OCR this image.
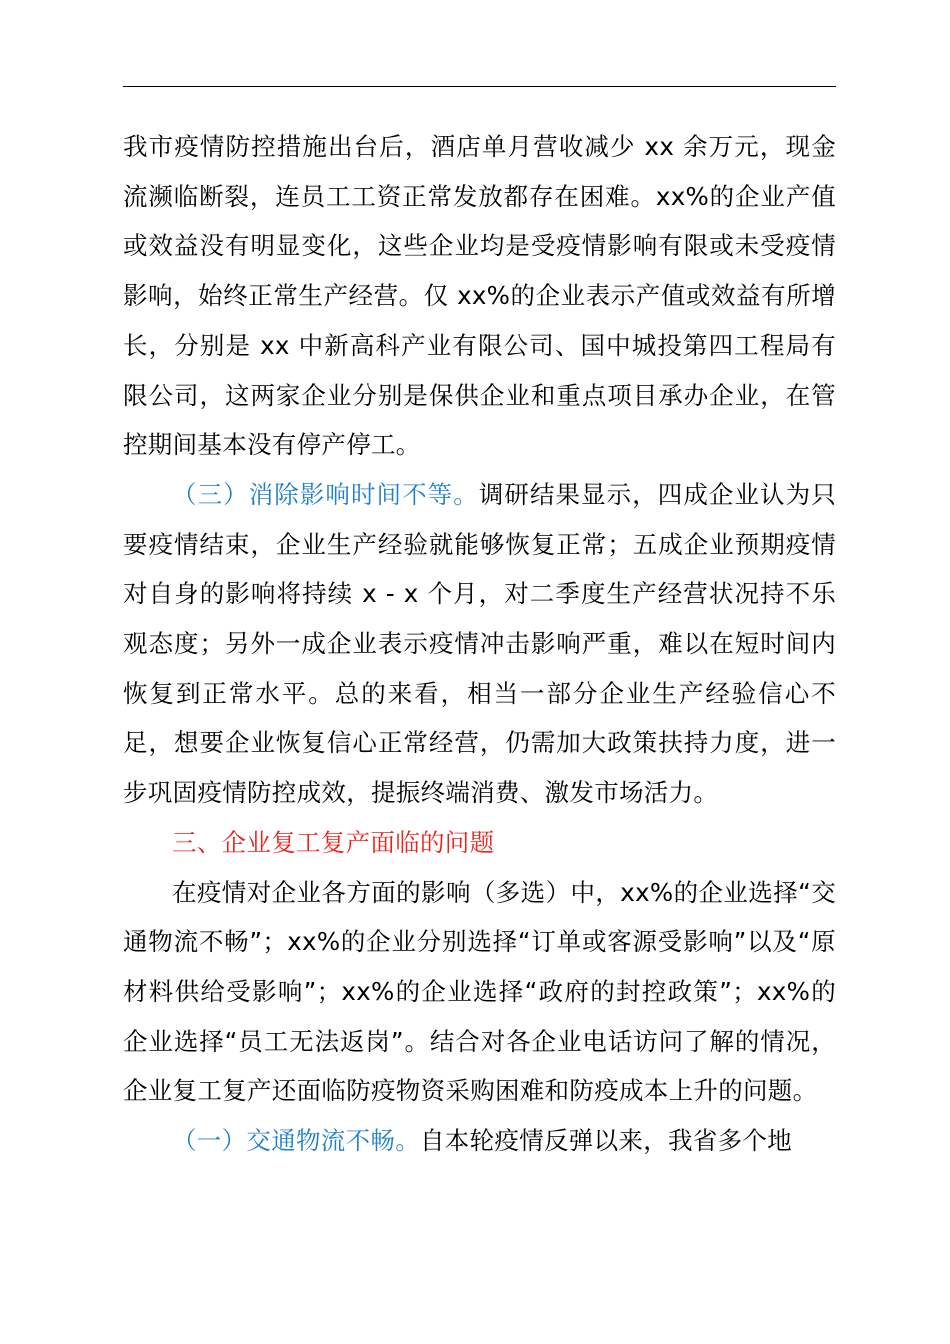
我市疫情防控措施出台后，酒店单月营收减少 xx 余万元，现金流濒临断裂，连员工工资正常发放都存在困难。xx%的企业产值或效益没有明显变化，这些企业均是受疫情影响有限或未受疫情影响，始终正常生产经营。仅 xx%的企业表示产值或效益有所增长，分别是 xx 中新高科产业有限公司、国中城投第四工程局有限公司，这两家企业分别是保供企业和重点项目承办企业，在管控期间基本没有停产停工。

（三）消除影响时间不等。调研结果显示，四成企业认为只要疫情结束，企业生产经验就能够恢复正常；五成企业预期疫情对自身的影响将持续 x - x 个月，对二季度生产经营状况持不乐观态度；另外一成企业表示疫情冲击影响严重，难以在短时间内恢复到正常水平。总的来看，相当一部分企业生产经验信心不足，想要企业恢复信心正常经营，仍需加大政策扶持力度，进一步巩固疫情防控成效，提振终端消费、激发市场活力。

三、企业复工复产面临的问题

在疫情对企业各方面的影响（多选）中，xx%的企业选择“交通物流不畅”；xx%的企业分别选择“订单或客源受影响”以及“原材料供给受影响”；xx%的企业选择“政府的封控政策”；xx%的企业选择“员工无法返岗”。结合对各企业电话访问了解的情况，企业复工复产还面临防疫物资采购困难和防疫成本上升的问题。

（一）交通物流不畅。自本轮疫情反弹以来，我省多个地
